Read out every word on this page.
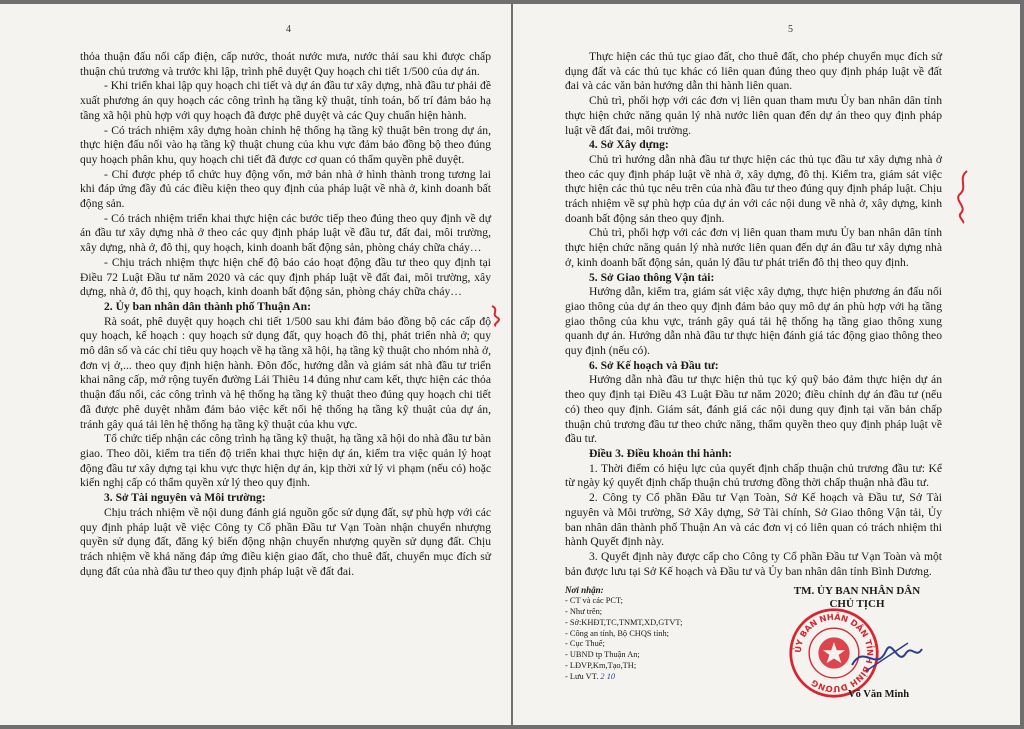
4

thỏa thuận đấu nối cấp điện, cấp nước, thoát nước mưa, nước thải sau khi được chấp thuận chủ trương và trước khi lập, trình phê duyệt Quy hoạch chi tiết 1/500 của dự án.

- Khi triển khai lập quy hoạch chi tiết và dự án đầu tư xây dựng, nhà đầu tư phải đề xuất phương án quy hoạch các công trình hạ tầng kỹ thuật, tính toán, bố trí đảm bảo hạ tầng xã hội phù hợp với quy hoạch đã được phê duyệt và các Quy chuẩn hiện hành.

- Có trách nhiệm xây dựng hoàn chỉnh hệ thống hạ tầng kỹ thuật bên trong dự án, thực hiện đấu nối vào hạ tầng kỹ thuật chung của khu vực đảm bảo đồng bộ theo đúng quy hoạch phân khu, quy hoạch chi tiết đã được cơ quan có thẩm quyền phê duyệt.

- Chỉ được phép tổ chức huy động vốn, mở bán nhà ở hình thành trong tương lai khi đáp ứng đầy đủ các điều kiện theo quy định của pháp luật về nhà ở, kinh doanh bất động sản.

- Có trách nhiệm triển khai thực hiện các bước tiếp theo đúng theo quy định về dự án đầu tư xây dựng nhà ở theo các quy định pháp luật về đầu tư, đất đai, môi trường, xây dựng, nhà ở, đô thị, quy hoạch, kinh doanh bất động sản, phòng cháy chữa cháy…

- Chịu trách nhiệm thực hiện chế độ báo cáo hoạt động đầu tư theo quy định tại Điều 72 Luật Đầu tư năm 2020 và các quy định pháp luật về đất đai, môi trường, xây dựng, nhà ở, đô thị, quy hoạch, kinh doanh bất động sản, phòng cháy chữa cháy…

2. Ủy ban nhân dân thành phố Thuận An:

Rà soát, phê duyệt quy hoạch chi tiết 1/500 sau khi đảm bảo đồng bộ các cấp độ quy hoạch, kế hoạch : quy hoạch sử dụng đất, quy hoạch đô thị, phát triển nhà ở; quy mô dân số và các chỉ tiêu quy hoạch về hạ tầng xã hội, hạ tầng kỹ thuật cho nhóm nhà ở, đơn vị ở,... theo quy định hiện hành. Đôn đốc, hướng dẫn và giám sát nhà đầu tư triển khai nâng cấp, mở rộng tuyến đường Lái Thiêu 14 đúng như cam kết, thực hiện các thỏa thuận đấu nối, các công trình và hệ thống hạ tầng kỹ thuật theo đúng quy hoạch chi tiết đã được phê duyệt nhằm đảm bảo việc kết nối hệ thống hạ tầng kỹ thuật của dự án, tránh gây quá tải lên hệ thống hạ tầng kỹ thuật của khu vực.

Tổ chức tiếp nhận các công trình hạ tầng kỹ thuật, hạ tầng xã hội do nhà đầu tư bàn giao. Theo dõi, kiểm tra tiến độ triển khai thực hiện dự án, kiểm tra việc quản lý hoạt động đầu tư xây dựng tại khu vực thực hiện dự án, kịp thời xử lý vi phạm (nếu có) hoặc kiến nghị cấp có thẩm quyền xử lý theo quy định.

3. Sở Tài nguyên và Môi trường:

Chịu trách nhiệm về nội dung đánh giá nguồn gốc sử dụng đất, sự phù hợp với các quy định pháp luật về việc Công ty Cổ phần Đầu tư Vạn Toàn nhận chuyển nhượng quyền sử dụng đất, đăng ký biến động nhận chuyển nhượng quyền sử dụng đất. Chịu trách nhiệm về khả năng đáp ứng điều kiện giao đất, cho thuê đất, chuyển mục đích sử dụng đất của nhà đầu tư theo quy định pháp luật về đất đai.

5

Thực hiện các thủ tục giao đất, cho thuê đất, cho phép chuyển mục đích sử dụng đất và các thủ tục khác có liên quan đúng theo quy định pháp luật về đất đai và các văn bản hướng dẫn thi hành liên quan.

Chủ trì, phối hợp với các đơn vị liên quan tham mưu Ủy ban nhân dân tỉnh thực hiện chức năng quản lý nhà nước liên quan đến dự án theo quy định pháp luật về đất đai, môi trường.

4. Sở Xây dựng:

Chủ trì hướng dẫn nhà đầu tư thực hiện các thủ tục đầu tư xây dựng nhà ở theo các quy định pháp luật về nhà ở, xây dựng, đô thị. Kiểm tra, giám sát việc thực hiện các thủ tục nêu trên của nhà đầu tư theo đúng quy định pháp luật. Chịu trách nhiệm về sự phù hợp của dự án với các nội dung về nhà ở, xây dựng, kinh doanh bất động sản theo quy định.

Chủ trì, phối hợp với các đơn vị liên quan tham mưu Ủy ban nhân dân tỉnh thực hiện chức năng quản lý nhà nước liên quan đến dự án đầu tư xây dựng nhà ở, kinh doanh bất động sản, quản lý đầu tư phát triển đô thị theo quy định.

5. Sở Giao thông Vận tải:

Hướng dẫn, kiểm tra, giám sát việc xây dựng, thực hiện phương án đấu nối giao thông của dự án theo quy định đảm bảo quy mô dự án phù hợp với hạ tầng giao thông của khu vực, tránh gây quá tải hệ thống hạ tầng giao thông xung quanh dự án. Hướng dẫn nhà đầu tư thực hiện đánh giá tác động giao thông theo quy định (nếu có).

6. Sở Kế hoạch và Đầu tư:

Hướng dẫn nhà đầu tư thực hiện thủ tục ký quỹ bảo đảm thực hiện dự án theo quy định tại Điều 43 Luật Đầu tư năm 2020; điều chỉnh dự án đầu tư (nếu có) theo quy định. Giám sát, đánh giá các nội dung quy định tại văn bản chấp thuận chủ trương đầu tư theo chức năng, thẩm quyền theo quy định pháp luật về đầu tư.

Điều 3. Điều khoản thi hành:

1. Thời điểm có hiệu lực của quyết định chấp thuận chủ trương đầu tư: Kể từ ngày ký quyết định chấp thuận chủ trương đồng thời chấp thuận nhà đầu tư.

2. Công ty Cổ phần Đầu tư Vạn Toàn, Sở Kế hoạch và Đầu tư, Sở Tài nguyên và Môi trường, Sở Xây dựng, Sở Tài chính, Sở Giao thông Vận tải, Ủy ban nhân dân thành phố Thuận An và các đơn vị có liên quan có trách nhiệm thi hành Quyết định này.

3. Quyết định này được cấp cho Công ty Cổ phần Đầu tư Vạn Toàn và một bản được lưu tại Sở Kế hoạch và Đầu tư và Ủy ban nhân dân tỉnh Bình Dương.

Nơi nhận:
- CT và các PCT;
- Như trên;
- Sở:KHĐT,TC,TNMT,XD,GTVT;
- Công an tỉnh, Bộ CHQS tỉnh;
- Cục Thuế;
- UBND tp Thuận An;
- LĐVP,Km,Tạo,TH;
- Lưu VT. 2 10
TM. ỦY BAN NHÂN DÂN
CHỦ TỊCH
ỦY BAN NHÂN DÂN TỈNH BÌNH DƯƠNG
Võ Văn Minh
